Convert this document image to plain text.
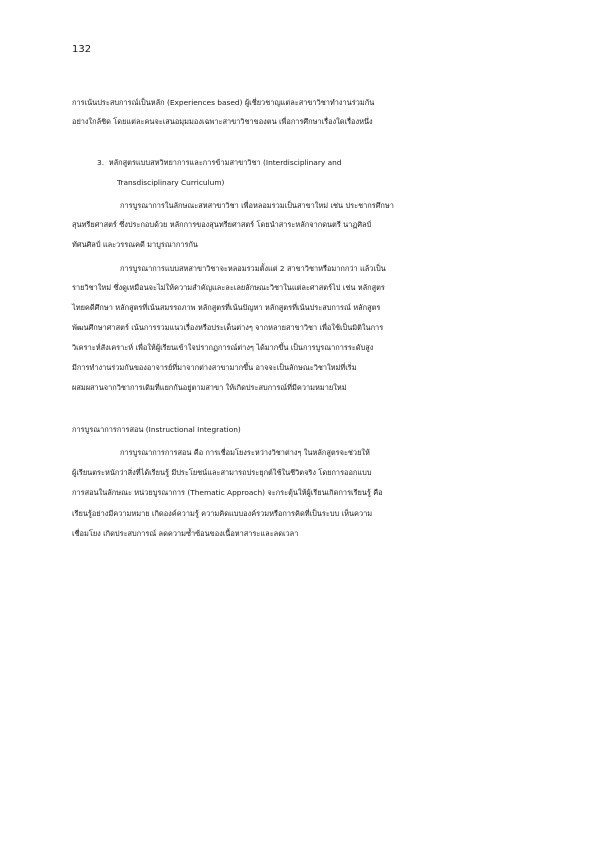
132
การเน้นประสบการณ์เป็นหลัก (Experiences based) ผู้เชี่ยวชาญแต่ละสาขาวิชาทำงานร่วมกัน
อย่างใกล้ชิด โดยแต่ละคนจะเสนอมุมมองเฉพาะสาขาวิชาของตน เพื่อการศึกษาเรื่องใดเรื่องหนึ่ง
3. หลักสูตรแบบสหวิทยาการและการข้ามสาขาวิชา (Interdisciplinary and
Transdisciplinary Curriculum)
การบูรณาการในลักษณะสหสาขาวิชา เพื่อหลอมรวมเป็นสาขาใหม่ เช่น ประชากรศึกษา
สุนทรียศาสตร์ ซึ่งประกอบด้วย หลักการของสุนทรียศาสตร์ โดยนำสาระหลักจากดนตรี นาฏศิลป์
ทัศนศิลป์ และวรรณคดี มาบูรณาการกัน
การบูรณาการแบบสหสาขาวิชาจะหลอมรวมตั้งแต่ 2 สาขาวิชาหรือมากกว่า แล้วเป็น
รายวิชาใหม่ ซึ่งดูเหมือนจะไม่ให้ความสำคัญและละเลยลักษณะวิชาในแต่ละศาสตร์ไป เช่น หลักสูตร
ไทยคดีศึกษา หลักสูตรที่เน้นสมรรถภาพ หลักสูตรที่เน้นปัญหา หลักสูตรที่เน้นประสบการณ์ หลักสูตร
พัฒนศึกษาศาสตร์ เน้นการรวมแนวเรื่องหรือประเด็นต่างๆ จากหลายสาขาวิชา เพื่อใช้เป็นมิติในการ
วิเคราะห์สังเคราะห์ เพื่อให้ผู้เรียนเข้าใจปรากฏการณ์ต่างๆ ได้มากขึ้น เป็นการบูรณาการระดับสูง
มีการทำงานร่วมกันของอาจารย์ที่มาจากต่างสาขามากขึ้น อาจจะเป็นลักษณะวิชาใหม่ที่เริ่ม
ผสมผสานจากวิชาการเดิมที่แยกกันอยู่ตามสาขา ให้เกิดประสบการณ์ที่มีความหมายใหม่
การบูรณาการการสอน (Instructional Integration)
การบูรณาการการสอน คือ การเชื่อมโยงระหว่างวิชาต่างๆ ในหลักสูตรจะช่วยให้
ผู้เรียนตระหนักว่าสิ่งที่ได้เรียนรู้ มีประโยชน์และสามารถประยุกต์ใช้ในชีวิตจริง โดยการออกแบบ
การสอนในลักษณะ หน่วยบูรณาการ (Thematic Approach) จะกระตุ้นให้ผู้เรียนเกิดการเรียนรู้ คือ
เรียนรู้อย่างมีความหมาย เกิดองค์ความรู้ ความคิดแบบองค์รวมหรือการคิดที่เป็นระบบ เห็นความ
เชื่อมโยง เกิดประสบการณ์ ลดความซ้ำซ้อนของเนื้อหาสาระและลดเวลา
